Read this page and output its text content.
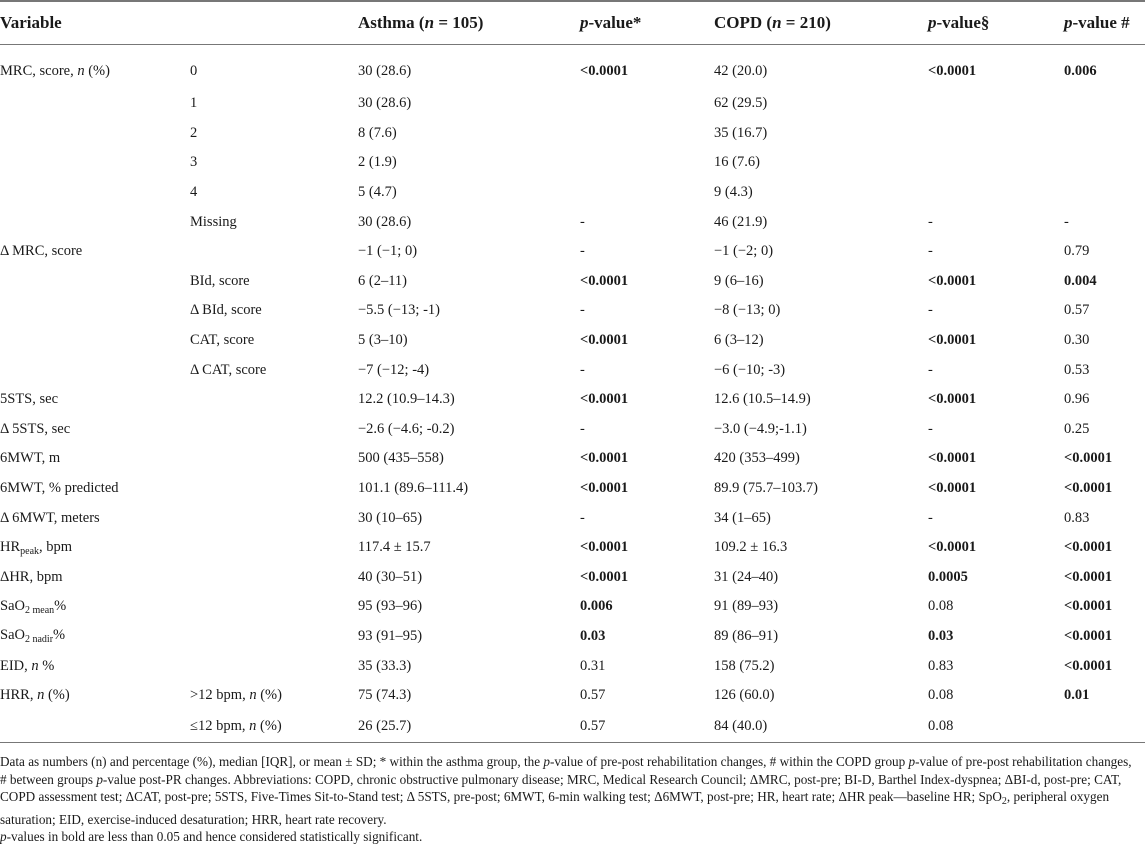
Variable		Asthma (n = 105)	p-value*	COPD (n = 210)	p-value§	p-value #
MRC, score, n (%)	0	30 (28.6)	<0.0001	42 (20.0)	<0.0001	0.006
	1	30 (28.6)		62 (29.5)		
	2	8 (7.6)		35 (16.7)		
	3	2 (1.9)		16 (7.6)		
	4	5 (4.7)		9 (4.3)		
	Missing	30 (28.6)	-	46 (21.9)	-	-
Δ MRC, score		−1 (−1; 0)	-	−1 (−2; 0)	-	0.79
	BId, score	6 (2–11)	<0.0001	9 (6–16)	<0.0001	0.004
	Δ BId, score	−5.5 (−13; -1)	-	−8 (−13; 0)	-	0.57
	CAT, score	5 (3–10)	<0.0001	6 (3–12)	<0.0001	0.30
	Δ CAT, score	−7 (−12; -4)	-	−6 (−10; -3)	-	0.53
5STS, sec		12.2 (10.9–14.3)	<0.0001	12.6 (10.5–14.9)	<0.0001	0.96
Δ 5STS, sec		−2.6 (−4.6; -0.2)	-	−3.0 (−4.9;-1.1)	-	0.25
6MWT, m		500 (435–558)	<0.0001	420 (353–499)	<0.0001	<0.0001
6MWT, % predicted		101.1 (89.6–111.4)	<0.0001	89.9 (75.7–103.7)	<0.0001	<0.0001
Δ 6MWT, meters		30 (10–65)	-	34 (1–65)	-	0.83
$HR_{peak}$, bpm		117.4 ± 15.7	<0.0001	109.2 ± 16.3	<0.0001	<0.0001
ΔHR, bpm		40 (30–51)	<0.0001	31 (24–40)	0.0005	<0.0001
SaO$_{2 mean}$%		95 (93–96)	0.006	91 (89–93)	0.08	<0.0001
SaO$_{2 nadir}$%		93 (91–95)	0.03	89 (86–91)	0.03	<0.0001
EID, n %		35 (33.3)	0.31	158 (75.2)	0.83	<0.0001
HRR, n (%)	>12 bpm, n (%)	75 (74.3)	0.57	126 (60.0)	0.08	0.01
	≤12 bpm, n (%)	26 (25.7)	0.57	84 (40.0)	0.08	

Data as numbers (n) and percentage (%), median [IQR], or mean ± SD; * within the asthma group, the p-value of pre-post rehabilitation changes, # within the COPD group p-value of pre-post rehabilitation changes, # between groups p-value post-PR changes. Abbreviations: COPD, chronic obstructive pulmonary disease; MRC, Medical Research Council; ΔMRC, post-pre; BI-D, Barthel Index-dyspnea; ΔBI-d, post-pre; CAT, COPD assessment test; ΔCAT, post-pre; 5STS, Five-Times Sit-to-Stand test; Δ 5STS, pre-post; 6MWT, 6-min walking test; Δ6MWT, post-pre; HR, heart rate; ΔHR peak—baseline HR; SpO$_2$, peripheral oxygen saturation; EID, exercise-induced desaturation; HRR, heart rate recovery.

p-values in bold are less than 0.05 and hence considered statistically significant.
